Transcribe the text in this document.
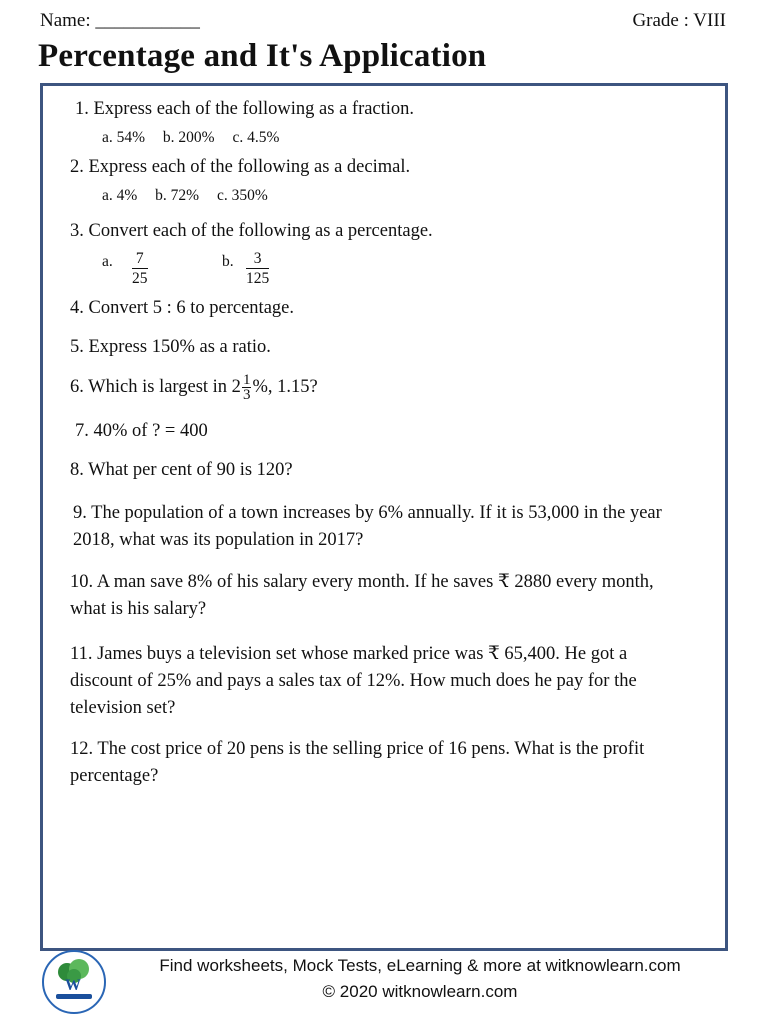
Name: ___________	Grade : VIII
Percentage and It's Application
1. Express each of the following as a fraction.
a. 54% b. 200% c. 4.5%
2. Express each of the following as a decimal.
a. 4% b. 72% c. 350%
3. Convert each of the following as a percentage.
a. $\frac{7}{25}$	b. $\frac{3}{125}$
4. Convert 5 : 6 to percentage.
5. Express 150% as a ratio.
6. Which is largest in $2 \frac{1}{3}$ %, 1.15?
7. 40% of ? = 400
8. What per cent of 90 is 120?
9. The population of a town increases by 6% annually. If it is 53,000 in the year 2018, what was its population in 2017?
10. A man save 8% of his salary every month. If he saves ₹ 2880 every month, what is his salary?
11. James buys a television set whose marked price was ₹ 65,400. He got a discount of 25% and pays a sales tax of 12%. How much does he pay for the television set?
12. The cost price of 20 pens is the selling price of 16 pens. What is the profit percentage?
W
Find worksheets, Mock Tests, eLearning & more at witknowlearn.com
© 2020 witknowlearn.com
